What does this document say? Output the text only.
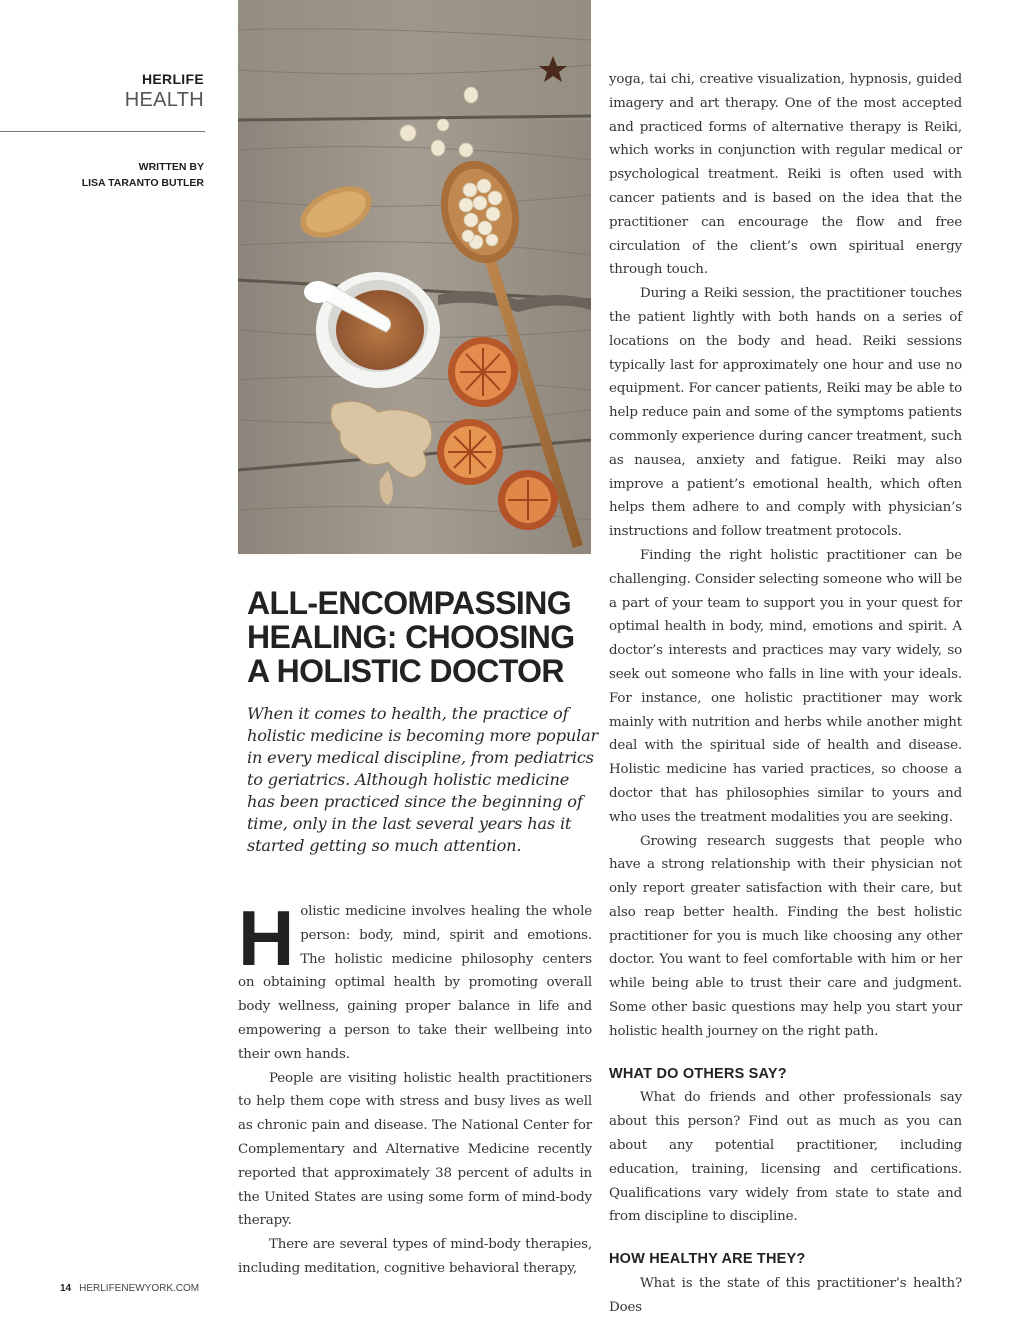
HERLIFE
HEALTH
WRITTEN BY
LISA TARANTO BUTLER
ALL-ENCOMPASSING HEALING: CHOOSING A HOLISTIC DOCTOR

When it comes to health, the practice of holistic medicine is becoming more popular in every medical discipline, from pediatrics to geriatrics. Although holistic medicine has been practiced since the beginning of time, only in the last several years has it started getting so much attention.

Holistic medicine involves healing the whole person: body, mind, spirit and emotions. The holistic medicine philosophy centers on obtaining optimal health by promoting overall body wellness, gaining proper balance in life and empowering a person to take their wellbeing into their own hands.

People are visiting holistic health practitioners to help them cope with stress and busy lives as well as chronic pain and disease. The National Center for Complementary and Alternative Medicine recently reported that approximately 38 percent of adults in the United States are using some form of mind-body therapy.

There are several types of mind-body therapies, including meditation, cognitive behavioral therapy,

yoga, tai chi, creative visualization, hypnosis, guided imagery and art therapy. One of the most accepted and practiced forms of alternative therapy is Reiki, which works in conjunction with regular medical or psychological treatment. Reiki is often used with cancer patients and is based on the idea that the practitioner can encourage the flow and free circulation of the client’s own spiritual energy through touch.

During a Reiki session, the practitioner touches the patient lightly with both hands on a series of locations on the body and head. Reiki sessions typically last for approximately one hour and use no equipment. For cancer patients, Reiki may be able to help reduce pain and some of the symptoms patients commonly experience during cancer treatment, such as nausea, anxiety and fatigue. Reiki may also improve a patient’s emotional health, which often helps them adhere to and comply with physician’s instructions and follow treatment protocols.

Finding the right holistic practitioner can be challenging. Consider selecting someone who will be a part of your team to support you in your quest for optimal health in body, mind, emotions and spirit. A doctor’s interests and practices may vary widely, so seek out someone who falls in line with your ideals. For instance, one holistic practitioner may work mainly with nutrition and herbs while another might deal with the spiritual side of health and disease. Holistic medicine has varied practices, so choose a doctor that has philosophies similar to yours and who uses the treatment modalities you are seeking.

Growing research suggests that people who have a strong relationship with their physician not only report greater satisfaction with their care, but also reap better health. Finding the best holistic practitioner for you is much like choosing any other doctor. You want to feel comfortable with him or her while being able to trust their care and judgment. Some other basic questions may help you start your holistic health journey on the right path.

WHAT DO OTHERS SAY?

What do friends and other professionals say about this person? Find out as much as you can about any potential practitioner, including education, training, licensing and certifications. Qualifications vary widely from state to state and from discipline to discipline.

HOW HEALTHY ARE THEY?

What is the state of this practitioner’s health? Does

14 HERLIFENEWYORK.COM
